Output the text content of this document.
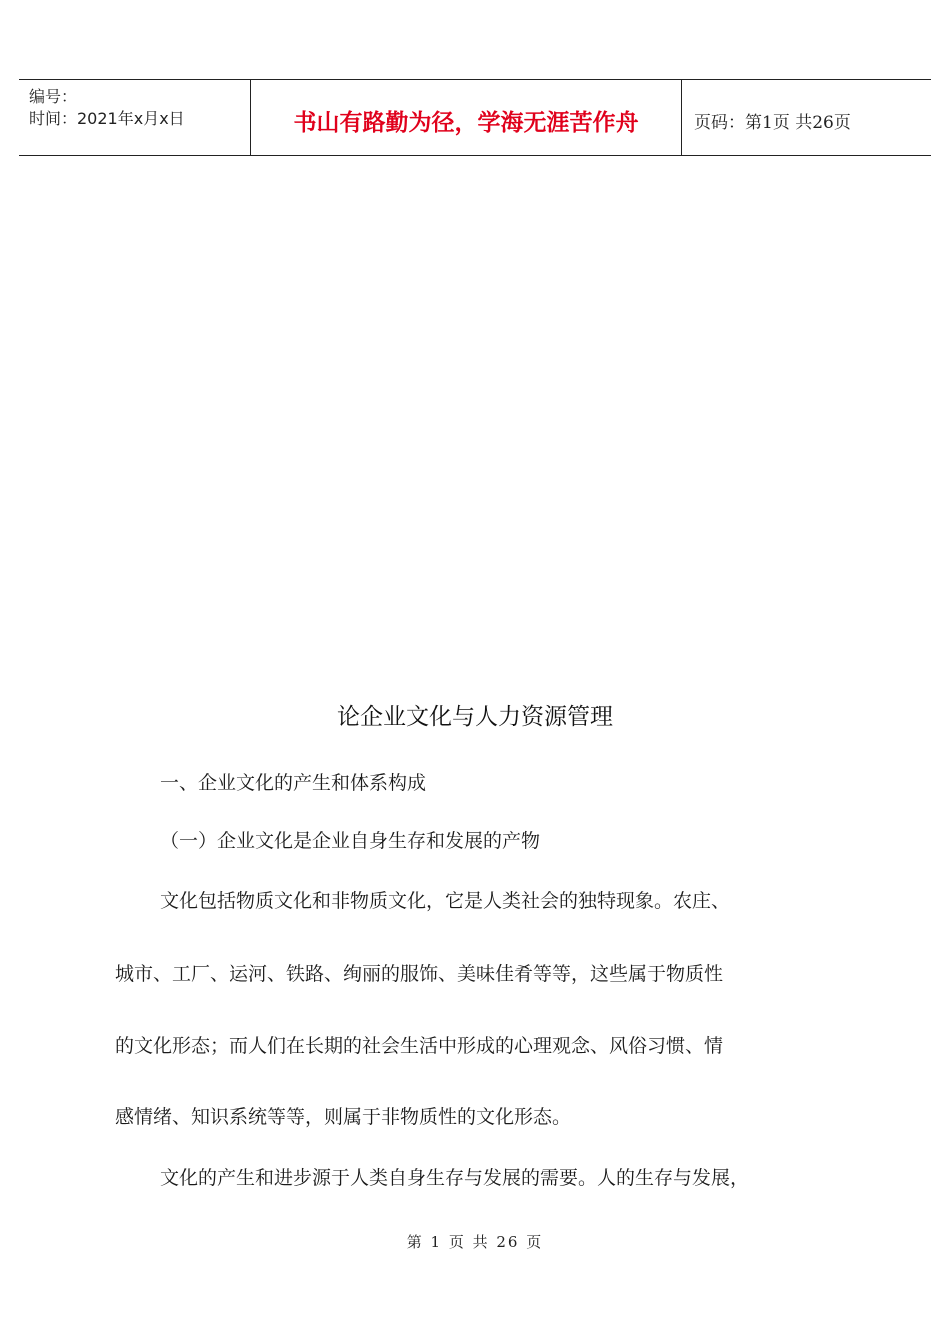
编号：
时间：2021年x月x日	书山有路勤为径，学海无涯苦作舟	页码：第1页 共26页
论企业文化与人力资源管理
一、企业文化的产生和体系构成
（一）企业文化是企业自身生存和发展的产物
文化包括物质文化和非物质文化，它是人类社会的独特现象。农庄、
城市、工厂、运河、铁路、绚丽的服饰、美味佳肴等等，这些属于物质性
的文化形态；而人们在长期的社会生活中形成的心理观念、风俗习惯、情
感情绪、知识系统等等，则属于非物质性的文化形态。
文化的产生和进步源于人类自身生存与发展的需要。人的生存与发展，
第 1 页 共 26 页
